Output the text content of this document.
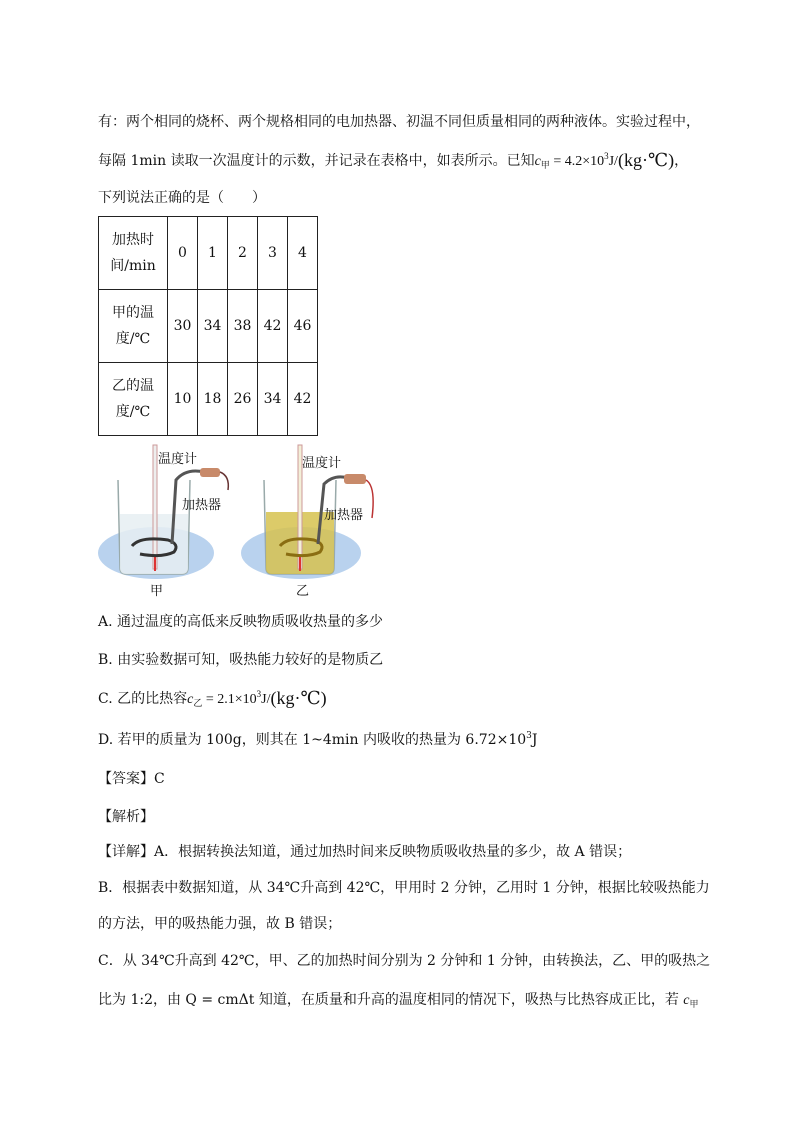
有：两个相同的烧杯、两个规格相同的电加热器、初温不同但质量相同的两种液体。实验过程中，
每隔 1min 读取一次温度计的示数，并记录在表格中，如表所示。已知$c_甲$ = $4.2\times 10^3J/(kg\cdot℃)$，
下列说法正确的是（　　）
加热时
间/min	0	1	2	3	4
甲的温
度/℃	30	34	38	42	46
乙的温
度/℃	10	18	26	34	42
温度计
加热器
甲
温度计
加热器
乙
A. 通过温度的高低来反映物质吸收热量的多少
B. 由实验数据可知，吸热能力较好的是物质乙
C. 乙的比热容$c_乙$ = $2.1\times 10^3J/(kg\cdot℃)$
D. 若甲的质量为 100g，则其在 1~4min 内吸收的热量为 $6.72\times 10^3J$
【答案】C
【解析】
【详解】A．根据转换法知道，通过加热时间来反映物质吸收热量的多少，故 A 错误；
B．根据表中数据知道，从 34℃升高到 42℃，甲用时 2 分钟，乙用时 1 分钟，根据比较吸热能力
的方法，甲的吸热能力强，故 B 错误；
C．从 34℃升高到 42℃，甲、乙的加热时间分别为 2 分钟和 1 分钟，由转换法，乙、甲的吸热之
比为 1:2，由 Q = cmΔt 知道，在质量和升高的温度相同的情况下，吸热与比热容成正比，若 $c_甲$
